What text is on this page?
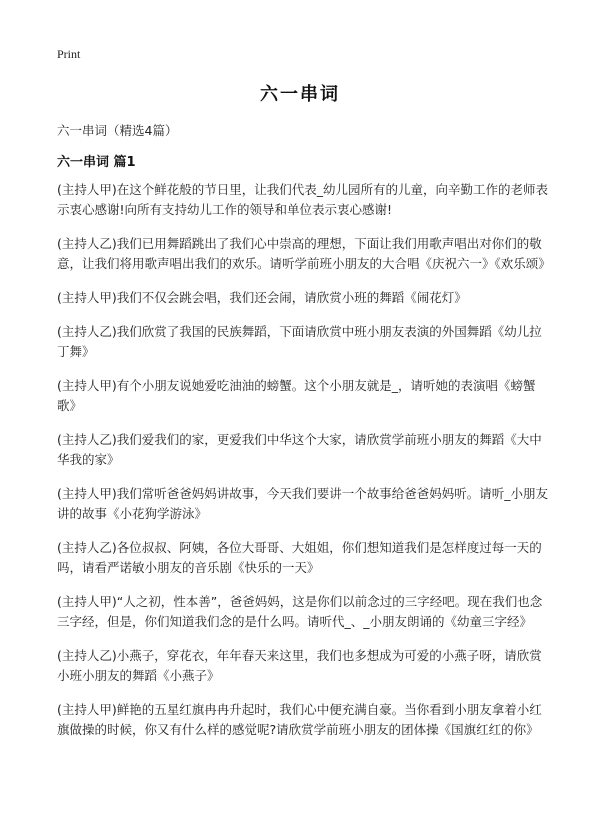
Print
六一串词
六一串词（精选4篇）
六一串词 篇1

(主持人甲)在这个鲜花般的节日里，让我们代表_幼儿园所有的儿童，向辛勤工作的老师表示衷心感谢!向所有支持幼儿工作的领导和单位表示衷心感谢!

(主持人乙)我们已用舞蹈跳出了我们心中崇高的理想，下面让我们用歌声唱出对你们的敬意，让我们将用歌声唱出我们的欢乐。请听学前班小朋友的大合唱《庆祝六一》《欢乐颂》

(主持人甲)我们不仅会跳会唱，我们还会闹，请欣赏小班的舞蹈《闹花灯》

(主持人乙)我们欣赏了我国的民族舞蹈，下面请欣赏中班小朋友表演的外国舞蹈《幼儿拉丁舞》

(主持人甲)有个小朋友说她爱吃油油的螃蟹。这个小朋友就是_，请听她的表演唱《螃蟹歌》

(主持人乙)我们爱我们的家，更爱我们中华这个大家，请欣赏学前班小朋友的舞蹈《大中华我的家》

(主持人甲)我们常听爸爸妈妈讲故事，今天我们要讲一个故事给爸爸妈妈听。请听_小朋友讲的故事《小花狗学游泳》

(主持人乙)各位叔叔、阿姨，各位大哥哥、大姐姐，你们想知道我们是怎样度过每一天的吗，请看严诺敏小朋友的音乐剧《快乐的一天》

(主持人甲)“人之初，性本善”，爸爸妈妈，这是你们以前念过的三字经吧。现在我们也念三字经，但是，你们知道我们念的是什么吗。请听代_、_小朋友朗诵的《幼童三字经》

(主持人乙)小燕子，穿花衣，年年春天来这里，我们也多想成为可爱的小燕子呀，请欣赏小班小朋友的舞蹈《小燕子》

(主持人甲)鲜艳的五星红旗冉冉升起时，我们心中便充满自豪。当你看到小朋友拿着小红旗做操的时候，你又有什么样的感觉呢?请欣赏学前班小朋友的团体操《国旗红红的你》
